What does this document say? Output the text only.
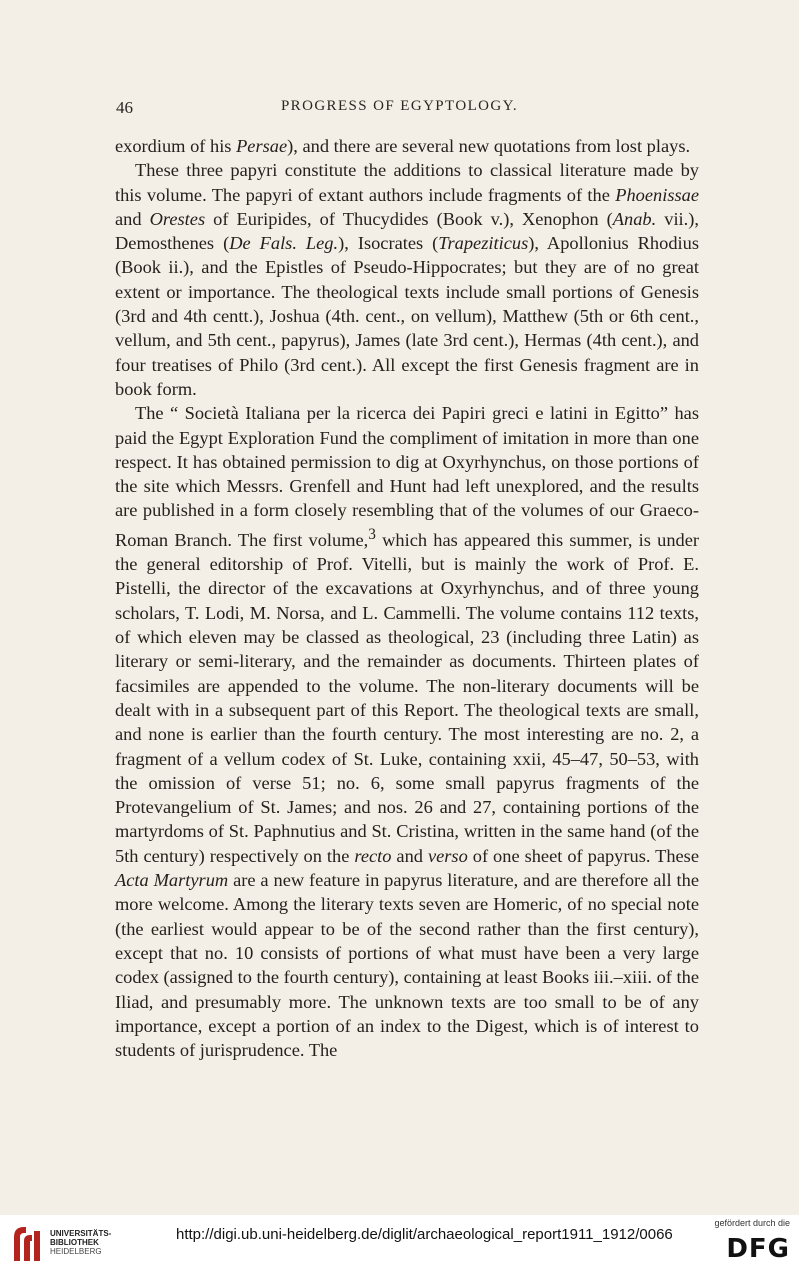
46	PROGRESS OF EGYPTOLOGY.

exordium of his Persae), and there are several new quotations from lost plays.

These three papyri constitute the additions to classical literature made by this volume. The papyri of extant authors include fragments of the Phoenissae and Orestes of Euripides, of Thucydides (Book v.), Xenophon (Anab. vii.), Demosthenes (De Fals. Leg.), Isocrates (Trapeziticus), Apollonius Rhodius (Book ii.), and the Epistles of Pseudo-Hippocrates; but they are of no great extent or importance. The theological texts include small portions of Genesis (3rd and 4th centt.), Joshua (4th. cent., on vellum), Matthew (5th or 6th cent., vellum, and 5th cent., papyrus), James (late 3rd cent.), Hermas (4th cent.), and four treatises of Philo (3rd cent.). All except the first Genesis fragment are in book form.

The “ Società Italiana per la ricerca dei Papiri greci e latini in Egitto” has paid the Egypt Exploration Fund the compliment of imitation in more than one respect. It has obtained permission to dig at Oxyrhynchus, on those portions of the site which Messrs. Grenfell and Hunt had left unexplored, and the results are published in a form closely resembling that of the volumes of our Graeco-Roman Branch. The first volume,$^3$ which has appeared this summer, is under the general editorship of Prof. Vitelli, but is mainly the work of Prof. E. Pistelli, the director of the excavations at Oxyrhynchus, and of three young scholars, T. Lodi, M. Norsa, and L. Cammelli. The volume contains 112 texts, of which eleven may be classed as theological, 23 (including three Latin) as literary or semi-literary, and the remainder as documents. Thirteen plates of facsimiles are appended to the volume. The non-literary documents will be dealt with in a subsequent part of this Report. The theological texts are small, and none is earlier than the fourth century. The most interesting are no. 2, a fragment of a vellum codex of St. Luke, containing xxii, 45–47, 50–53, with the omission of verse 51; no. 6, some small papyrus fragments of the Protevangelium of St. James; and nos. 26 and 27, containing portions of the martyrdoms of St. Paphnutius and St. Cristina, written in the same hand (of the 5th century) respectively on the recto and verso of one sheet of papyrus. These Acta Martyrum are a new feature in papyrus literature, and are therefore all the more welcome. Among the literary texts seven are Homeric, of no special note (the earliest would appear to be of the second rather than the first century), except that no. 10 consists of portions of what must have been a very large codex (assigned to the fourth century), containing at least Books iii.–xiii. of the Iliad, and presumably more. The unknown texts are too small to be of any importance, except a portion of an index to the Digest, which is of interest to students of jurisprudence. The

UNIVERSITÄTS-
BIBLIOTHEK
HEIDELBERG
http://digi.ub.uni-heidelberg.de/diglit/archaeological_report1911_1912/0066
gefördert durch die
DFG
